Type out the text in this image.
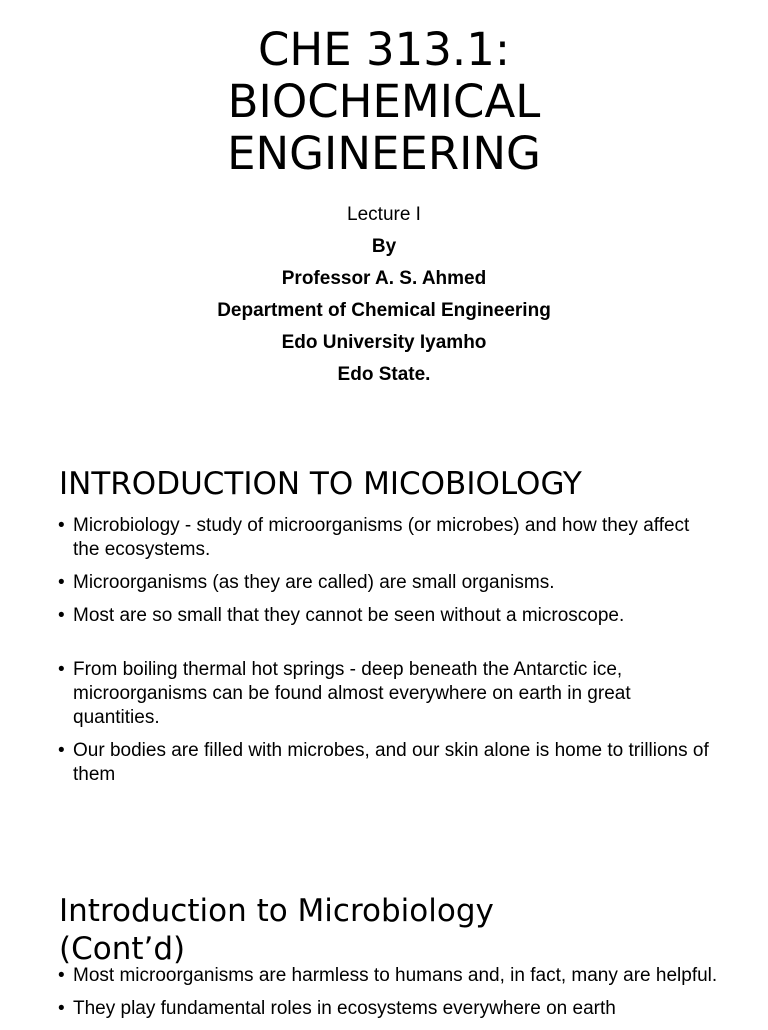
CHE 313.1:
BIOCHEMICAL
ENGINEERING
Lecture I
By
Professor A. S. Ahmed
Department of Chemical Engineering
Edo University Iyamho
Edo State.
INTRODUCTION TO MICOBIOLOGY
• Microbiology - study of microorganisms (or microbes) and how they affect the ecosystems.
• Microorganisms (as they are called) are small organisms.
• Most are so small that they cannot be seen without a microscope.
• From boiling thermal hot springs - deep beneath the Antarctic ice, microorganisms can be found almost everywhere on earth in great quantities.
• Our bodies are filled with microbes, and our skin alone is home to trillions of them
Introduction to Microbiology
(Cont’d)
• Most microorganisms are harmless to humans and, in fact, many are helpful.
• They play fundamental roles in ecosystems everywhere on earth
